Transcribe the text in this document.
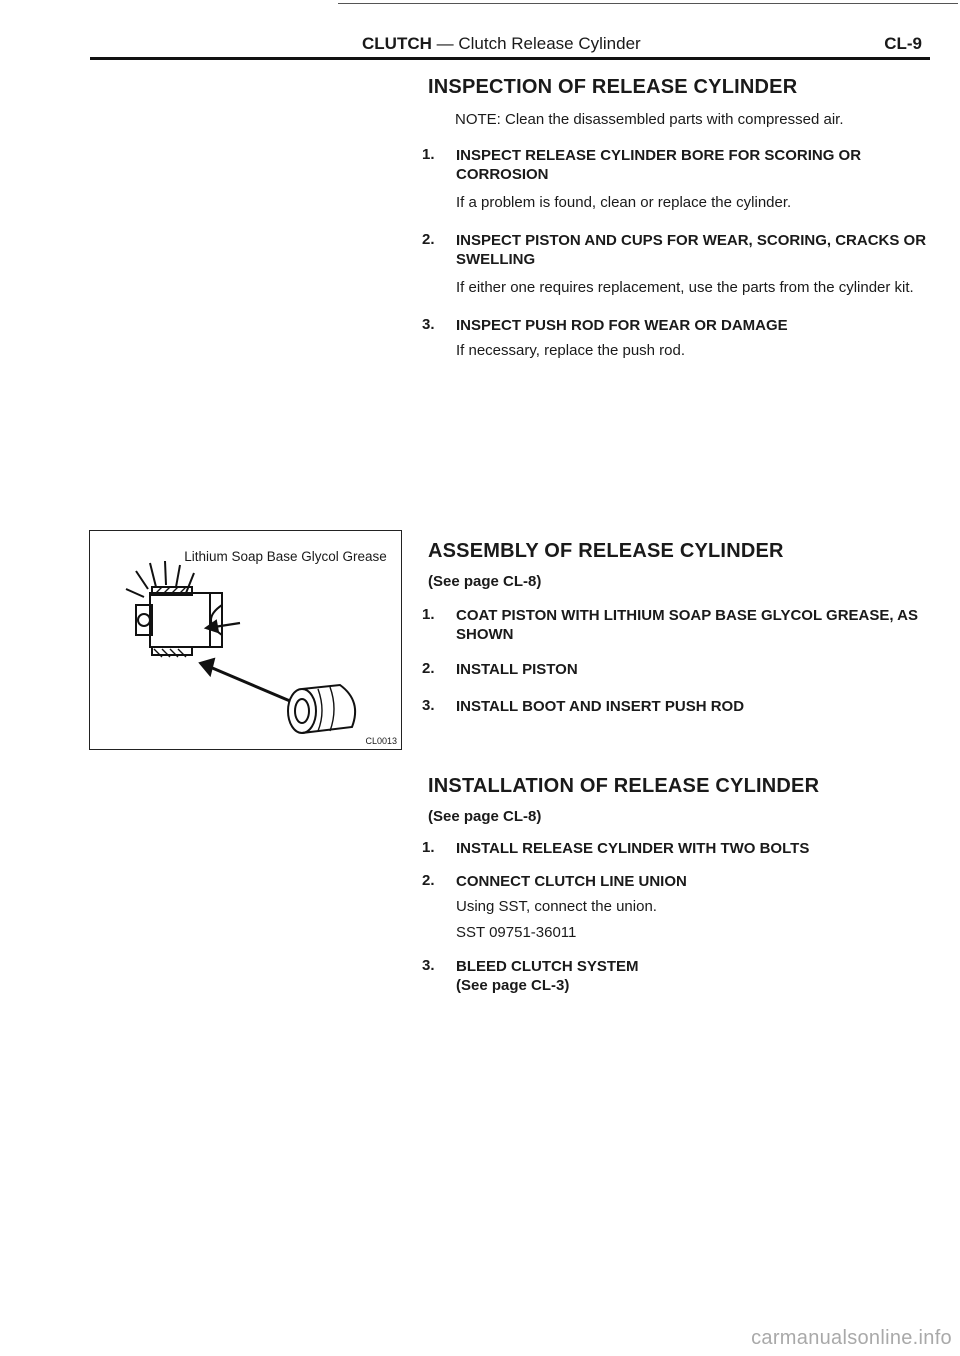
CLUTCH — Clutch Release Cylinder	CL-9
INSPECTION OF RELEASE CYLINDER
NOTE: Clean the disassembled parts with compressed air.
1. INSPECT RELEASE CYLINDER BORE FOR SCORING OR CORROSION
If a problem is found, clean or replace the cylinder.
2. INSPECT PISTON AND CUPS FOR WEAR, SCORING, CRACKS OR SWELLING
If either one requires replacement, use the parts from the cylinder kit.
3. INSPECT PUSH ROD FOR WEAR OR DAMAGE
If necessary, replace the push rod.
Lithium Soap Base Glycol Grease
CL0013
ASSEMBLY OF RELEASE CYLINDER
(See page CL-8)
1. COAT PISTON WITH LITHIUM SOAP BASE GLYCOL GREASE, AS SHOWN
2. INSTALL PISTON
3. INSTALL BOOT AND INSERT PUSH ROD
INSTALLATION OF RELEASE CYLINDER
(See page CL-8)
1. INSTALL RELEASE CYLINDER WITH TWO BOLTS
2. CONNECT CLUTCH LINE UNION
Using SST, connect the union.
SST 09751-36011
3. BLEED CLUTCH SYSTEM
(See page CL-3)
carmanualsonline.info
